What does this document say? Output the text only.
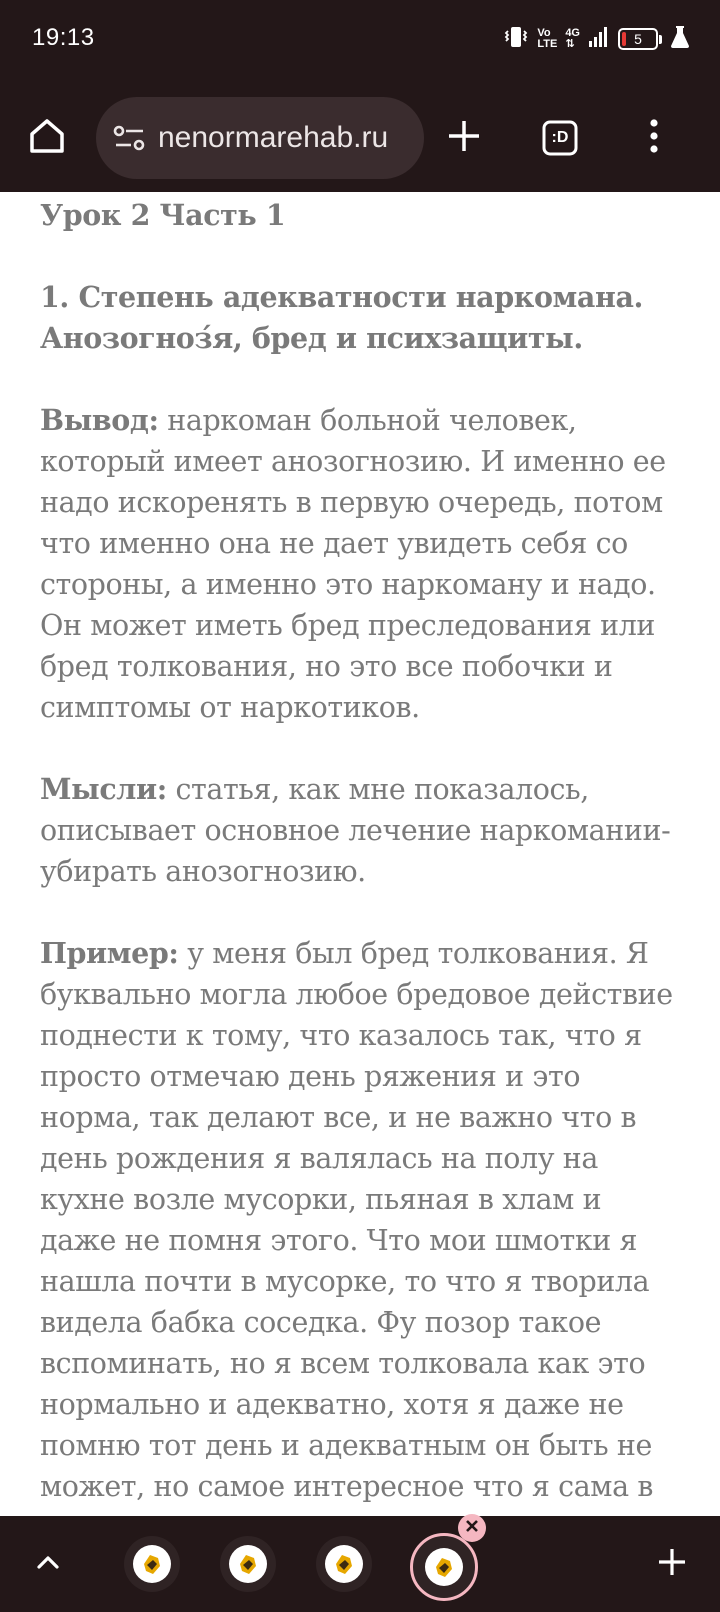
19:13	Vo
LTE
4G
⇅	5
nenormarehab.ru	:D

Урок 2 Часть 1

1. Степень адекватности наркомана. Анозогноз́я, бред и психзащиты.

Вывод: наркоман больной человек, который имеет анозогнозию. И именно ее надо искоренять в первую очередь, потом что именно она не дает увидеть себя со стороны, а именно это наркоману и надо. Он может иметь бред преследования или бред толкования, но это все побочки и симптомы от наркотиков.

Мысли: статья, как мне показалось, описывает основное лечение наркомании-убирать анозогнозию.

Пример: у меня был бред толкования. Я буквально могла любое бредовое действие поднести к тому, что казалось так, что я просто отмечаю день ряжения и это норма, так делают все, и не важно что в день рождения я валялась на полу на кухне возле мусорки, пьяная в хлам и даже не помня этого. Что мои шмотки я нашла почти в мусорке, то что я творила видела бабка соседка. Фу позор такое вспоминать, но я всем толковала как это нормально и адекватно, хотя я даже не помню тот день и адекватным он быть не может, но самое интересное что я сама в
